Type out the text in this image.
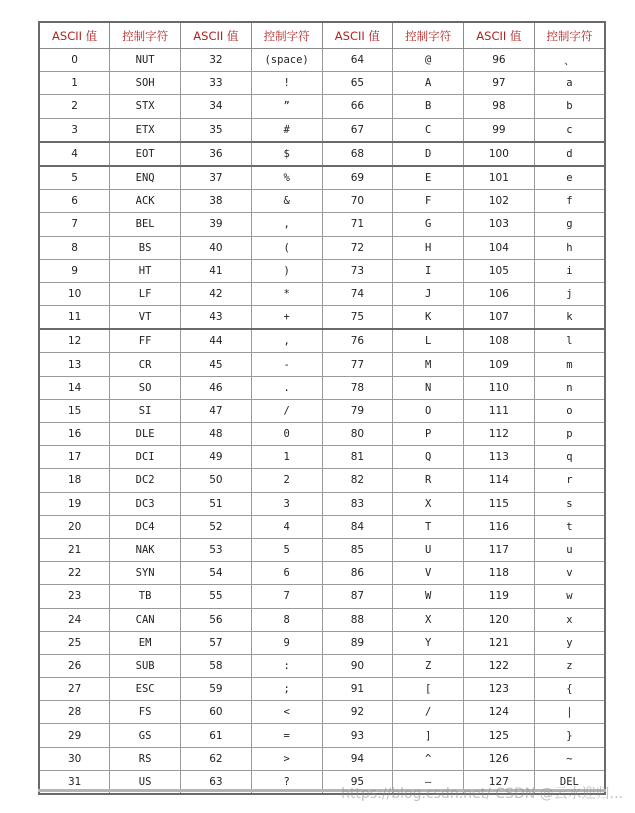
ASCII 值	控制字符	ASCII 值	控制字符	ASCII 值	控制字符	ASCII 值	控制字符
0	NUT	32	(space)	64	@	96	、
1	SOH	33	!	65	A	97	a
2	STX	34	”	66	B	98	b
3	ETX	35	#	67	C	99	c
4	EOT	36	$	68	D	100	d
5	ENQ	37	%	69	E	101	e
6	ACK	38	&	70	F	102	f
7	BEL	39	,	71	G	103	g
8	BS	40	(	72	H	104	h
9	HT	41	)	73	I	105	i
10	LF	42	*	74	J	106	j
11	VT	43	+	75	K	107	k
12	FF	44	,	76	L	108	l
13	CR	45	-	77	M	109	m
14	SO	46	.	78	N	110	n
15	SI	47	/	79	O	111	o
16	DLE	48	0	80	P	112	p
17	DCI	49	1	81	Q	113	q
18	DC2	50	2	82	R	114	r
19	DC3	51	3	83	X	115	s
20	DC4	52	4	84	T	116	t
21	NAK	53	5	85	U	117	u
22	SYN	54	6	86	V	118	v
23	TB	55	7	87	W	119	w
24	CAN	56	8	88	X	120	x
25	EM	57	9	89	Y	121	y
26	SUB	58	:	90	Z	122	z
27	ESC	59	;	91	[	123	{
28	FS	60	<	92	/	124	|
29	GS	61	=	93	]	125	}
30	RS	62	>	94	^	126	~
31	US	63	?	95	—	127	DEL
https://blog.csdn.net/ CSDN @云水迎归...
